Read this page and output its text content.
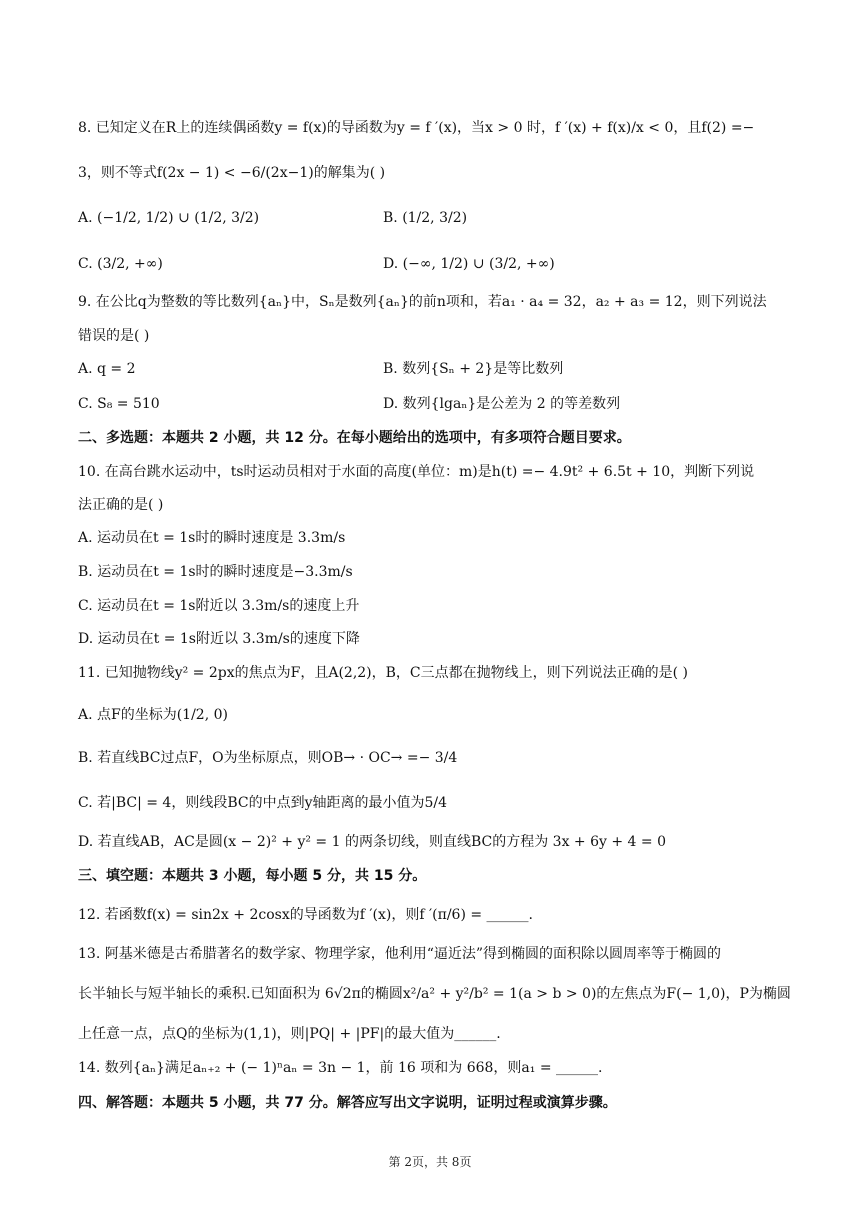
8. 已知定义在R上的连续偶函数y = f(x)的导函数为y = f ′(x)，当x > 0 时，f ′(x) + f(x)/x < 0，且f(2) =−
3，则不等式f(2x − 1) < −6/(2x−1)的解集为( )
A. (−1/2, 1/2) ∪ (1/2, 3/2)	B. (1/2, 3/2)
C. (3/2, +∞)	D. (−∞, 1/2) ∪ (3/2, +∞)
9. 在公比q为整数的等比数列{aₙ}中，Sₙ是数列{aₙ}的前n项和，若a₁ · a₄ = 32，a₂ + a₃ = 12，则下列说法
错误的是( )
A. q = 2	B. 数列{Sₙ + 2}是等比数列
C. S₈ = 510	D. 数列{lgaₙ}是公差为 2 的等差数列
二、多选题：本题共 2 小题，共 12 分。在每小题给出的选项中，有多项符合题目要求。
10. 在高台跳水运动中，ts时运动员相对于水面的高度(单位：m)是h(t) =− 4.9t² + 6.5t + 10，判断下列说
法正确的是( )
A. 运动员在t = 1s时的瞬时速度是 3.3m/s
B. 运动员在t = 1s时的瞬时速度是−3.3m/s
C. 运动员在t = 1s附近以 3.3m/s的速度上升
D. 运动员在t = 1s附近以 3.3m/s的速度下降
11. 已知抛物线y² = 2px的焦点为F，且A(2,2)，B，C三点都在抛物线上，则下列说法正确的是( )
A. 点F的坐标为(1/2, 0)
B. 若直线BC过点F，O为坐标原点，则OB→ · OC→ =− 3/4
C. 若|BC| = 4，则线段BC的中点到y轴距离的最小值为5/4
D. 若直线AB，AC是圆(x − 2)² + y² = 1 的两条切线，则直线BC的方程为 3x + 6y + 4 = 0
三、填空题：本题共 3 小题，每小题 5 分，共 15 分。
12. 若函数f(x) = sin2x + 2cosx的导函数为f ′(x)，则f ′(π/6) = ______.
13. 阿基米德是古希腊著名的数学家、物理学家，他利用“逼近法”得到椭圆的面积除以圆周率等于椭圆的
长半轴长与短半轴长的乘积.已知面积为 6√2π的椭圆x²/a² + y²/b² = 1(a > b > 0)的左焦点为F(− 1,0)，P为椭圆
上任意一点，点Q的坐标为(1,1)，则|PQ| + |PF|的最大值为______.
14. 数列{aₙ}满足aₙ₊₂ + (− 1)ⁿaₙ = 3n − 1，前 16 项和为 668，则a₁ = ______.
四、解答题：本题共 5 小题，共 77 分。解答应写出文字说明，证明过程或演算步骤。
第 2页，共 8页
